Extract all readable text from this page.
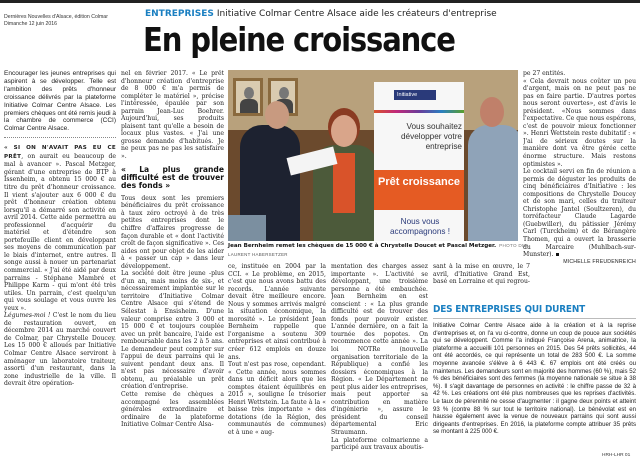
Dernières Nouvelles d'Alsace, édition Colmar
Dimanche 12 juin 2016
ENTREPRISES Initiative Colmar Centre Alsace aide les créateurs d'entreprise
En pleine croissance

Encourager les jeunes entreprises qui aspirent à se développer. Telle est l'ambition des prêts d'honneur croissance délivrés par la plateforme Initiative Colmar Centre Alsace. Les premiers chèques ont été remis jeudi à la chambre de commerce (CCI) Colmar Centre Alsace.

« SI ON N'AVAIT PAS EU CE PRÊT, on aurait eu beaucoup de mal à avancer ». Pascal Metzger, gérant d'une entreprise de BTP à Issenheim, a obtenu 15 000 € au titre du prêt d'honneur croissance. Il vient s'ajouter aux 6 000 € du prêt d'honneur création obtenu lorsqu'il a démarré son activité en avril 2014. Cette aide permettra au professionnel d'acquérir du matériel et d'étendre son portefeuille client en développant ses moyens de communication par le biais d'internet, entre autres. Il songe aussi à nouer un partenariat commercial. « J'ai été aidé par deux parrains - Stéphane Mambré et Philippe Karm - qui m'ont été très utiles. Un parrain, c'est quelqu'un qui vous soulage et vous ouvre les yeux ».

Légumes-moi ! C'est le nom du lieu de restauration ouvert, en décembre 2014 au marché couvert de Colmar, par Chrystelle Doucey. Les 15 000 € alloués par Initiative Colmar Centre Alsace serviront à aménager un laboratoire traiteur, assorti d'un restaurant, dans la zone industrielle de la ville. Il devrait être opération-

nel en février 2017. « Le prêt d'honneur création d'entreprise de 8 000 € m'a permis de compléter le matériel », précise l'intéressée, épaulée par son parrain Jean-Luc Boehrer. Aujourd'hui, ses produits plaisent tant qu'elle a besoin de locaux plus vastes. « J'ai une grosse demande d'habitués. Je ne peux pas ne pas les satisfaire ».

« La plus grande difficulté est de trouver des fonds »

Tous deux sont les premiers bénéficiaires du prêt croissance à taux zéro octroyé à de très petites entreprises dont le chiffre d'affaires progresse de façon durable et « dont l'activité croît de façon significative ». Ces aides ont pour objet de les aider à « passer un cap » dans leur développement.

La société doit être jeune -plus d'un an, mais moins de six-, et nécessairement implantée sur le territoire d'Initiative Colmar Centre Alsace qui s'étend de Sélestat à Ensisheim. D'une valeur comprise entre 3 000 et 15 000 € et toujours couplée avec un prêt bancaire, l'aide est remboursable dans les 2 à 5 ans. Le demandeur peut compter sur l'appui de deux parrains qui le suivent pendant deux ans. Il n'est pas nécessaire d'avoir obtenu, au préalable un prêt création d'entreprise.

Cette remise de chèques a accompagné les assemblées générales extraordinaire et ordinaire de la plateforme Initiative Colmar Centre Alsa-

Initiative
Vous souhaitez développer votre entreprise
Prêt croissance
Nous vous accompagnons !
Jean Bernheim remet les chèques de 15 000 € à Chrystelle Doucet et Pascal Metzger. PHOTO DNA
LAURENT HABERSETZER

ce, instituée en 2004 par la CCI. « Le problème, en 2015, c'est que nous avons battu des records. L'année suivante devait être meilleure encore. Nous y sommes arrivés malgré la situation économique, la morosité ». Le président Jean Bernheim rappelle que l'organisme a soutenu 309 entreprises et ainsi contribué à créer 612 emplois en douze ans.

Tout n'est pas rose, cependant. « Cette année, nous sommes dans un déficit alors que les comptes étaient équilibrés en 2015 », souligne le trésorier Henri Wettstein. La faute à la « baisse très importante » des dotations (de la Région, des communautés de communes) et à une « aug-

mentation des charges assez importante ». L'activité se développant, une troisième personne a été embauchée. Jean Bernheim en est conscient : « La plus grande difficulté est de trouver des fonds pour pouvoir exister. L'année dernière, on a fait la tournée des popotes. On recommence cette année ». La loi NOTRe (nouvelle organisation territoriale de la République) a confié les dossiers économiques à la Région. « Le Département ne peut plus aider les entreprises, mais peut apporter sa contribution en matière d'ingénierie », assure le président du conseil départemental Eric Straumann.

La plateforme colmarienne a participé aux travaux aboutis-

sant à la mise en œuvre, le 7 avril, d'Initiative Grand Est, basé en Lorraine et qui regrou-

pe 27 entités.

« Cela devrait nous coûter un peu d'argent, mais on ne peut pas ne pas en faire partie. D'autres portes nous seront ouvertes», est d'avis le président. «Nous sommes dans l'expectative. Ce que nous espérons, c'est de pouvoir mieux fonctionner ». Henri Wettstein reste dubitatif : « J'ai de sérieux doutes sur la manière dont va être gérée cette énorme structure. Mais restons optimistes ».

Le cocktail servi en fin de réunion a permis de déguster les produits de cinq bénéficiaires d'Initiative : les compositions de Chrystelle Doucey et de son mari, celles du traiteur Christophe Jantel (Soultzeren), du torréfacteur Claude Lagarde (Guebwiller), du pâtissier Jérémy Carl (Turckheim) et de Bérangère Thomen, qui a ouvert la brasserie du Marcaire (Muhlbach-sur-Munster).

MICHELLE FREUDENREICH

DES ENTREPRISES QUI DURENT

Initiative Colmar Centre Alsace aide à la création et à la reprise d'entreprises et, on l'a vu ci-contre, donne un coup de pouce aux sociétés qui se développent. Comme l'a indiqué Françoise Arena, animatrice, la plateforme a accueilli 101 personnes en 2015. Des 54 prêts sollicités, 44 ont été accordés, ce qui représente un total de 283 500 €. La somme moyenne avancée s'élève à 6 443 €. 67 emplois ont été créés ou maintenus. Les demandeurs sont en majorité des hommes (60 %), mais 52 % des bénéficiaires sont des femmes (la moyenne nationale se situe à 38 %). Il s'agit davantage de personnes en activité : le chiffre passe de 32 à 42 %. Les créations ont été plus nombreuses que les reprises d'activités. Le taux de pérennité ne cesse d'augmenter : il gagne deux points et atteint 93 % (contre 88 % sur tout le territoire national). Le bénévolat est en hausse également avec la venue de nouveaux parrains qui sont aussi dirigeants d'entreprises. En 2016, la plateforme compte attribuer 35 prêts se montant à 225 000 €.

HRH-LHR 01
